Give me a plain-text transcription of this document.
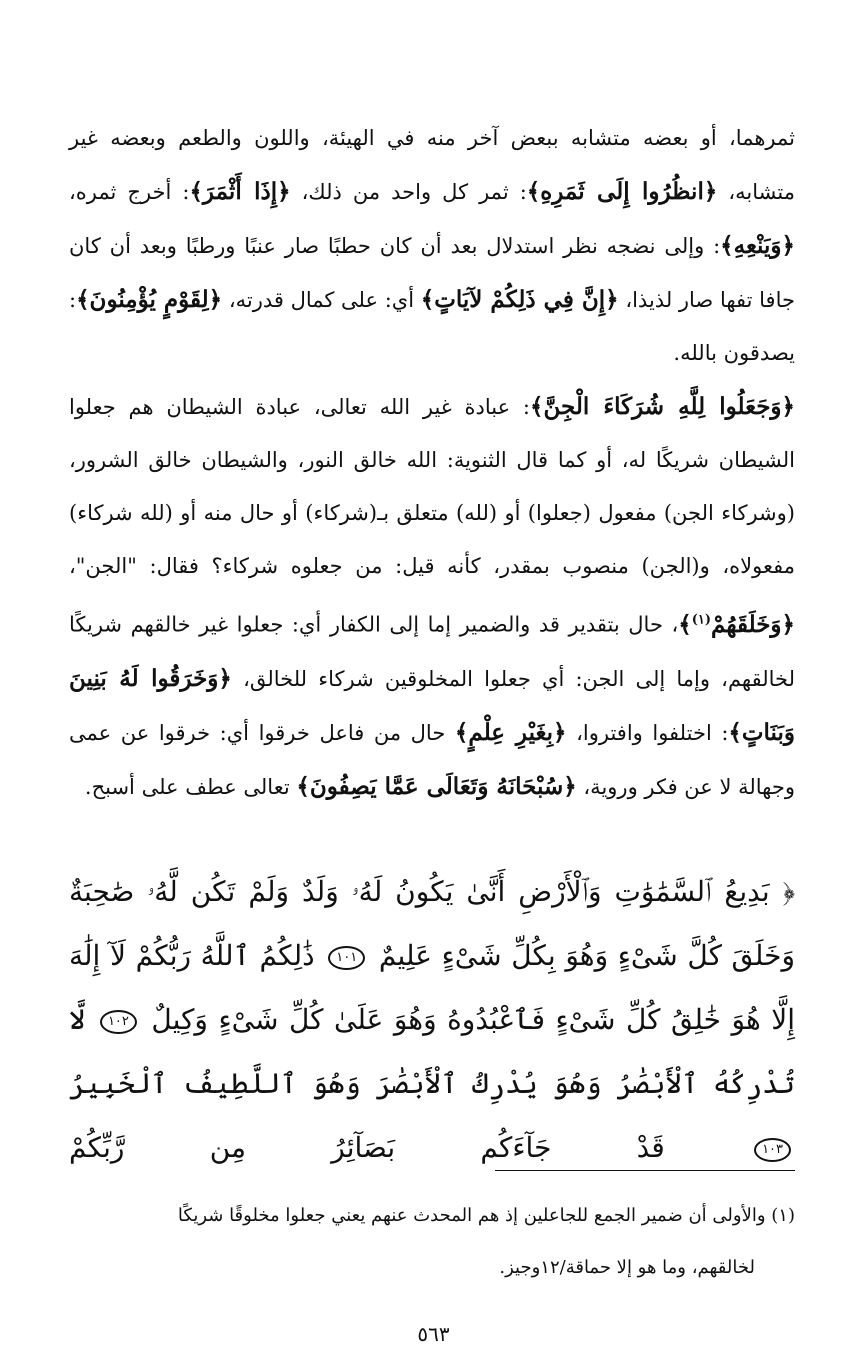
ثمرهما، أو بعضه متشابه ببعض آخر منه في الهيئة، واللون والطعم وبعضه غير متشابه، ﴿انظُرُوا إِلَى ثَمَرِهِ﴾: ثمر كل واحد من ذلك، ﴿إِذَا أَثْمَرَ﴾: أخرج ثمره، ﴿وَيَنْعِهِ﴾: وإلى نضجه نظر استدلال بعد أن كان حطبًا صار عنبًا ورطبًا وبعد أن كان جافا تفها صار لذيذا، ﴿إِنَّ فِي ذَلِكُمْ لآيَاتٍ﴾ أي: على كمال قدرته، ﴿لِقَوْمٍ يُؤْمِنُونَ﴾: يصدقون بالله.

﴿وَجَعَلُوا لِلَّهِ شُرَكَاءَ الْجِنَّ﴾: عبادة غير الله تعالى، عبادة الشيطان هم جعلوا الشيطان شريكًا له، أو كما قال الثنوية: الله خالق النور، والشيطان خالق الشرور، (وشركاء الجن) مفعول (جعلوا) أو (لله) متعلق بـ(شركاء) أو حال منه أو (لله شركاء) مفعولاه، و(الجن) منصوب بمقدر، كأنه قيل: من جعلوه شركاء؟ فقال: "الجن"، ﴿وَخَلَقَهُمْ$^{(١)}$﴾، حال بتقدير قد والضمير إما إلى الكفار أي: جعلوا غير خالقهم شريكًا لخالقهم، وإما إلى الجن: أي جعلوا المخلوقين شركاء للخالق، ﴿وَخَرَقُوا لَهُ بَنِينَ وَبَنَاتٍ﴾: اختلفوا وافتروا، ﴿بِغَيْرِ عِلْمٍ﴾ حال من فاعل خرقوا أي: خرقوا عن عمى وجهالة لا عن فكر وروية، ﴿سُبْحَانَهُ وَتَعَالَى عَمَّا يَصِفُونَ﴾ تعالى عطف على أسبح.

﴿ بَدِيعُ ٱلسَّمَٰوَٰتِ وَٱلْأَرْضِ أَنَّىٰ يَكُونُ لَهُۥ وَلَدٌ وَلَمْ تَكُن لَّهُۥ صَٰحِبَةٌ وَخَلَقَ كُلَّ شَىْءٍ وَهُوَ بِكُلِّ شَىْءٍ عَلِيمٌ ١٠١ ذَٰلِكُمُ ٱللَّهُ رَبُّكُمْ لَآ إِلَٰهَ إِلَّا هُوَ خَٰلِقُ كُلِّ شَىْءٍ فَٱعْبُدُوهُ وَهُوَ عَلَىٰ كُلِّ شَىْءٍ وَكِيلٌ ١٠٢ لَّا تُدْرِكُهُ ٱلْأَبْصَٰرُ وَهُوَ يُدْرِكُ ٱلْأَبْصَٰرَ وَهُوَ ٱللَّطِيفُ ٱلْخَبِيرُ ١٠٣ قَدْ جَآءَكُم بَصَآئِرُ مِن رَّبِّكُمْ

(١) والأولى أن ضمير الجمع للجاعلين إذ هم المحدث عنهم يعني جعلوا مخلوقًا شريكًا

لخالقهم، وما هو إلا حماقة/١٢وجيز.

٥٦٣
